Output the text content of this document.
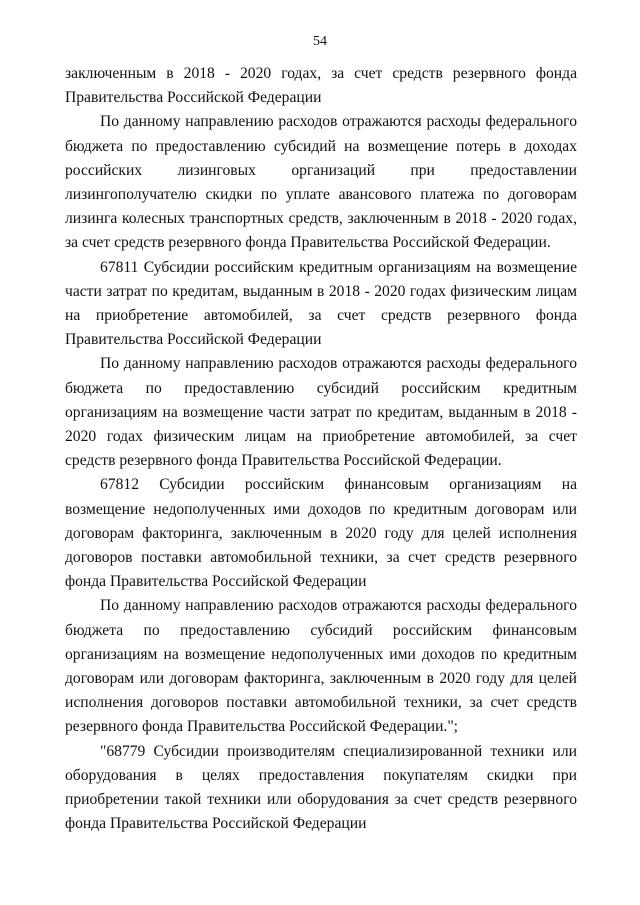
54

заключенным в 2018 - 2020 годах, за счет средств резервного фонда Правительства Российской Федерации

По данному направлению расходов отражаются расходы федерального бюджета по предоставлению субсидий на возмещение потерь в доходах российских лизинговых организаций при предоставлении лизингополучателю скидки по уплате авансового платежа по договорам лизинга колесных транспортных средств, заключенным в 2018 - 2020 годах, за счет средств резервного фонда Правительства Российской Федерации.

67811 Субсидии российским кредитным организациям на возмещение части затрат по кредитам, выданным в 2018 - 2020 годах физическим лицам на приобретение автомобилей, за счет средств резервного фонда Правительства Российской Федерации

По данному направлению расходов отражаются расходы федерального бюджета по предоставлению субсидий российским кредитным организациям на возмещение части затрат по кредитам, выданным в 2018 - 2020 годах физическим лицам на приобретение автомобилей, за счет средств резервного фонда Правительства Российской Федерации.

67812 Субсидии российским финансовым организациям на возмещение недополученных ими доходов по кредитным договорам или договорам факторинга, заключенным в 2020 году для целей исполнения договоров поставки автомобильной техники, за счет средств резервного фонда Правительства Российской Федерации

По данному направлению расходов отражаются расходы федерального бюджета по предоставлению субсидий российским финансовым организациям на возмещение недополученных ими доходов по кредитным договорам или договорам факторинга, заключенным в 2020 году для целей исполнения договоров поставки автомобильной техники, за счет средств резервного фонда Правительства Российской Федерации.";

"68779 Субсидии производителям специализированной техники или оборудования в целях предоставления покупателям скидки при приобретении такой техники или оборудования за счет средств резервного фонда Правительства Российской Федерации
